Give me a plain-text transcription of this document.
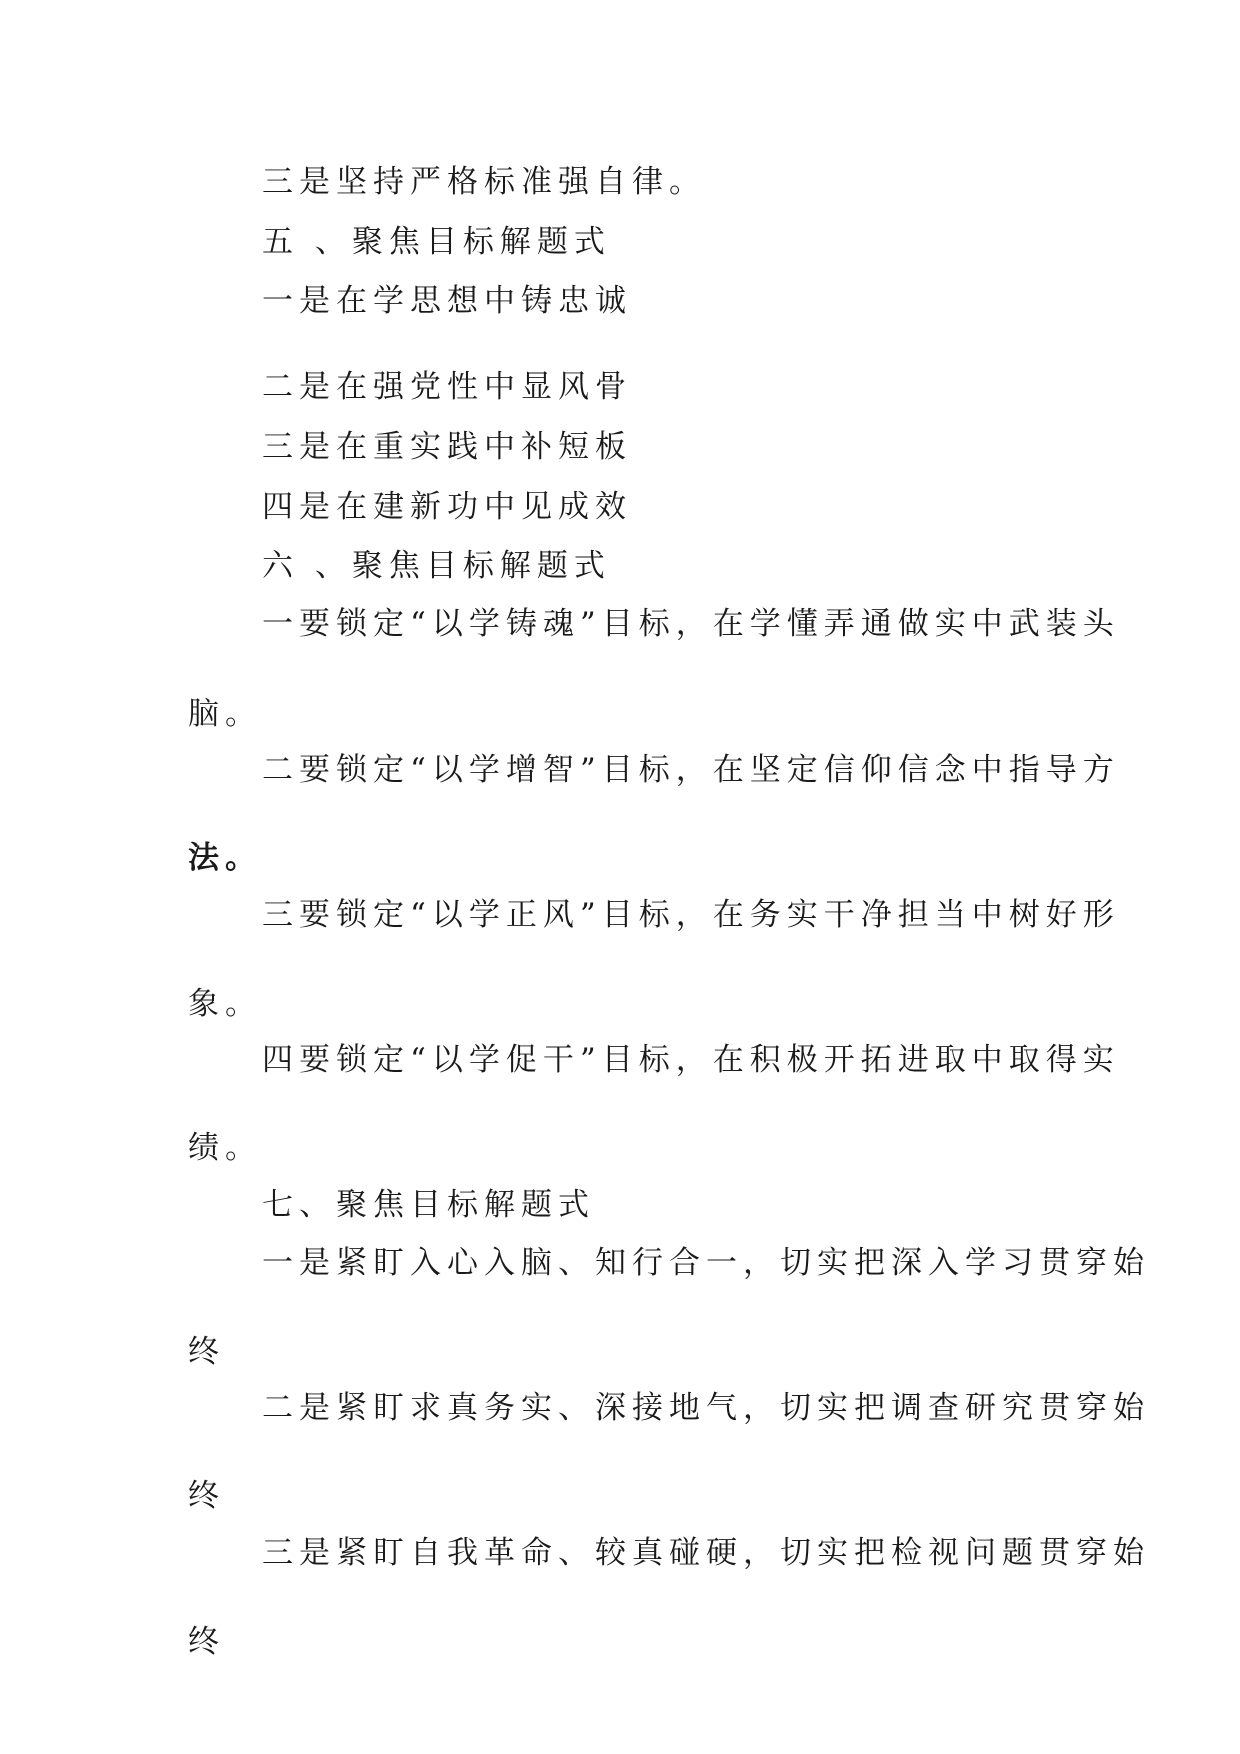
三是坚持严格标准强自律。
五 、聚焦目标解题式
一是在学思想中铸忠诚
二是在强党性中显风骨
三是在重实践中补短板
四是在建新功中见成效
六 、聚焦目标解题式
一要锁定“以学铸魂”目标，在学懂弄通做实中武装头
脑。
二要锁定“以学增智”目标，在坚定信仰信念中指导方
法。
三要锁定“以学正风”目标，在务实干净担当中树好形
象。
四要锁定“以学促干”目标，在积极开拓进取中取得实
绩。
七、聚焦目标解题式
一是紧盯入心入脑、知行合一，切实把深入学习贯穿始
终
二是紧盯求真务实、深接地气，切实把调查研究贯穿始
终
三是紧盯自我革命、较真碰硬，切实把检视问题贯穿始
终
